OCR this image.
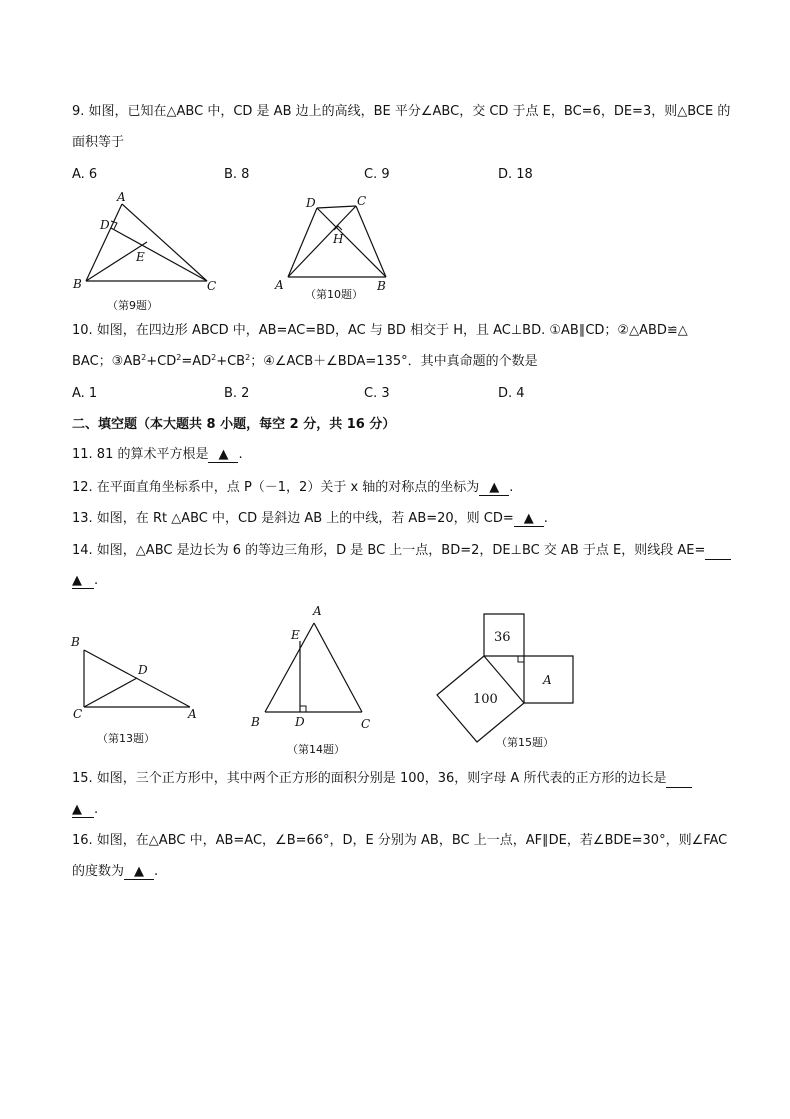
9. 如图，已知在△ABC 中，CD 是 AB 边上的高线，BE 平分∠ABC，交 CD 于点 E，BC=6，DE=3，则△BCE 的
面积等于
A. 6	B. 8	C. 9	D. 18
A
D
E
B	C
（第9题）
D	C
H
A	B
（第10题）
10. 如图，在四边形 ABCD 中，AB=AC=BD，AC 与 BD 相交于 H，且 AC⊥BD. ①AB∥CD；②△ABD≌△
BAC；$③AB^2+CD^2=AD^2+CB^2$；④∠ACB＋∠BDA=135°．其中真命题的个数是
A. 1	B. 2	C. 3	D. 4
二、填空题（本大题共 8 小题，每空 2 分，共 16 分）
11. 81 的算术平方根是 ▲ .
12. 在平面直角坐标系中，点 P（－1，2）关于 x 轴的对称点的坐标为 ▲ .
13. 如图，在 Rt △ABC 中，CD 是斜边 AB 上的中线，若 AB=20，则 CD= ▲ .
14. 如图，△ABC 是边长为 6 的等边三角形，D 是 BC 上一点，BD=2，DE⊥BC 交 AB 于点 E，则线段 AE=
▲ .
B
D
C	A
（第13题）
A
E
B	D	C
（第14题）
36
100
A
（第15题）
15. 如图，三个正方形中，其中两个正方形的面积分别是 100，36，则字母 A 所代表的正方形的边长是
▲ .
16. 如图，在△ABC 中，AB=AC，∠B=66°，D，E 分别为 AB，BC 上一点，AF∥DE，若∠BDE=30°，则∠FAC
的度数为 ▲ .
